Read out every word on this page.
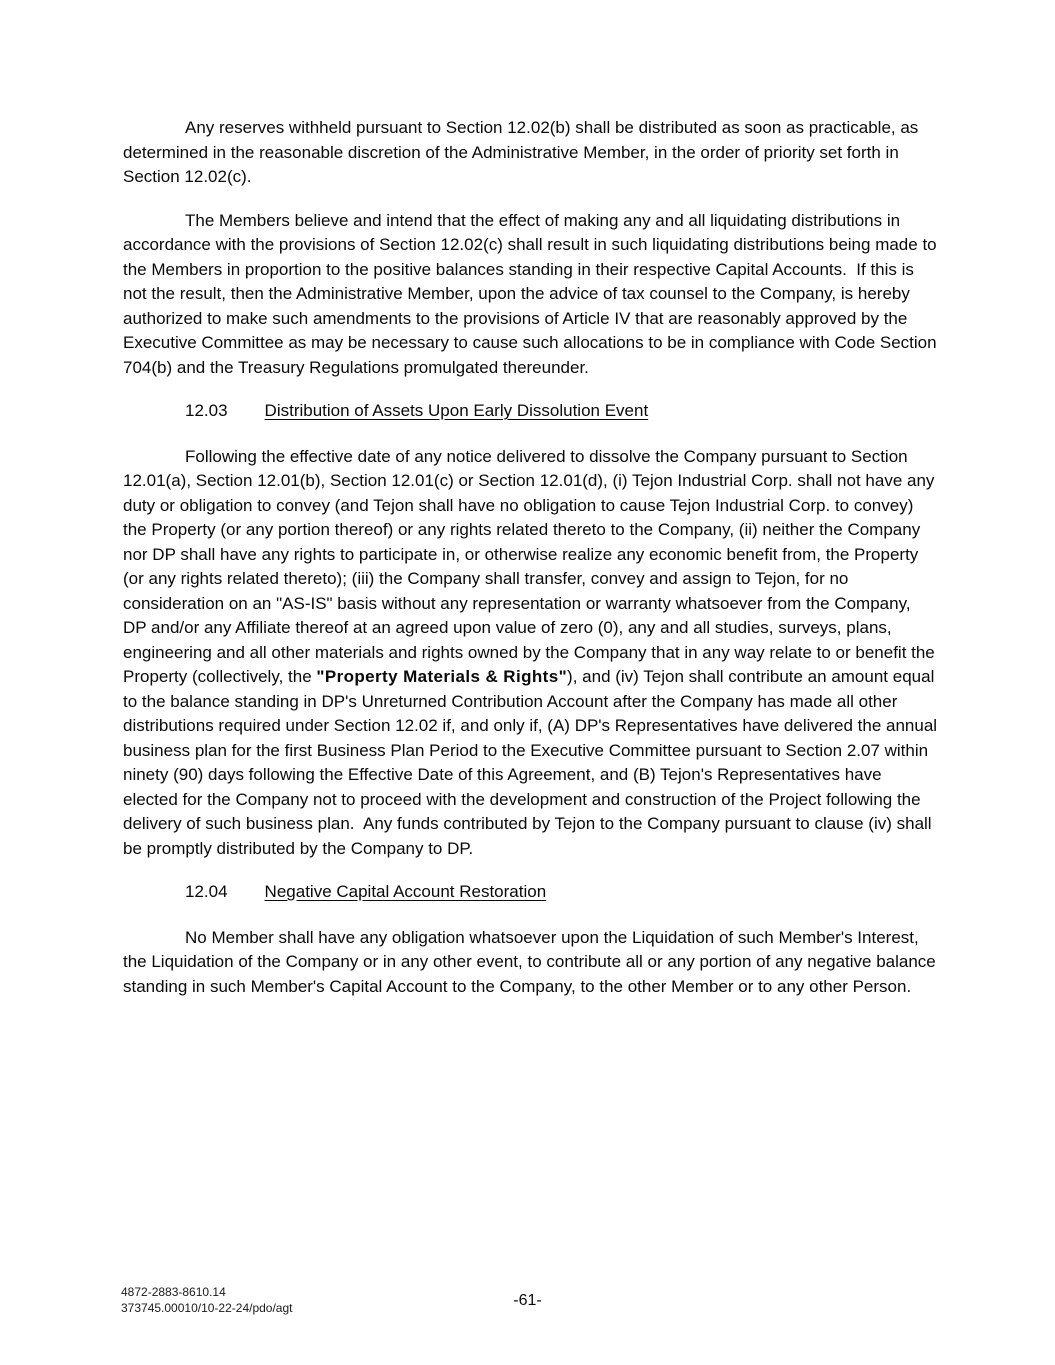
Any reserves withheld pursuant to Section 12.02(b) shall be distributed as soon as practicable, as determined in the reasonable discretion of the Administrative Member, in the order of priority set forth in Section 12.02(c).

The Members believe and intend that the effect of making any and all liquidating distributions in accordance with the provisions of Section 12.02(c) shall result in such liquidating distributions being made to the Members in proportion to the positive balances standing in their respective Capital Accounts.  If this is not the result, then the Administrative Member, upon the advice of tax counsel to the Company, is hereby authorized to make such amendments to the provisions of Article IV that are reasonably approved by the Executive Committee as may be necessary to cause such allocations to be in compliance with Code Section 704(b) and the Treasury Regulations promulgated thereunder.

12.03 Distribution of Assets Upon Early Dissolution Event

Following the effective date of any notice delivered to dissolve the Company pursuant to Section 12.01(a), Section 12.01(b), Section 12.01(c) or Section 12.01(d), (i) Tejon Industrial Corp. shall not have any duty or obligation to convey (and Tejon shall have no obligation to cause Tejon Industrial Corp. to convey) the Property (or any portion thereof) or any rights related thereto to the Company, (ii) neither the Company nor DP shall have any rights to participate in, or otherwise realize any economic benefit from, the Property (or any rights related thereto); (iii) the Company shall transfer, convey and assign to Tejon, for no consideration on an "AS-IS" basis without any representation or warranty whatsoever from the Company, DP and/or any Affiliate thereof at an agreed upon value of zero (0), any and all studies, surveys, plans, engineering and all other materials and rights owned by the Company that in any way relate to or benefit the Property (collectively, the "Property Materials & Rights"), and (iv) Tejon shall contribute an amount equal to the balance standing in DP's Unreturned Contribution Account after the Company has made all other distributions required under Section 12.02 if, and only if, (A) DP's Representatives have delivered the annual business plan for the first Business Plan Period to the Executive Committee pursuant to Section 2.07 within ninety (90) days following the Effective Date of this Agreement, and (B) Tejon's Representatives have elected for the Company not to proceed with the development and construction of the Project following the delivery of such business plan.  Any funds contributed by Tejon to the Company pursuant to clause (iv) shall be promptly distributed by the Company to DP.

12.04 Negative Capital Account Restoration

No Member shall have any obligation whatsoever upon the Liquidation of such Member's Interest, the Liquidation of the Company or in any other event, to contribute all or any portion of any negative balance standing in such Member's Capital Account to the Company, to the other Member or to any other Person.

4872-2883-8610.14
373745.00010/10-22-24/pdo/agt	-61-
